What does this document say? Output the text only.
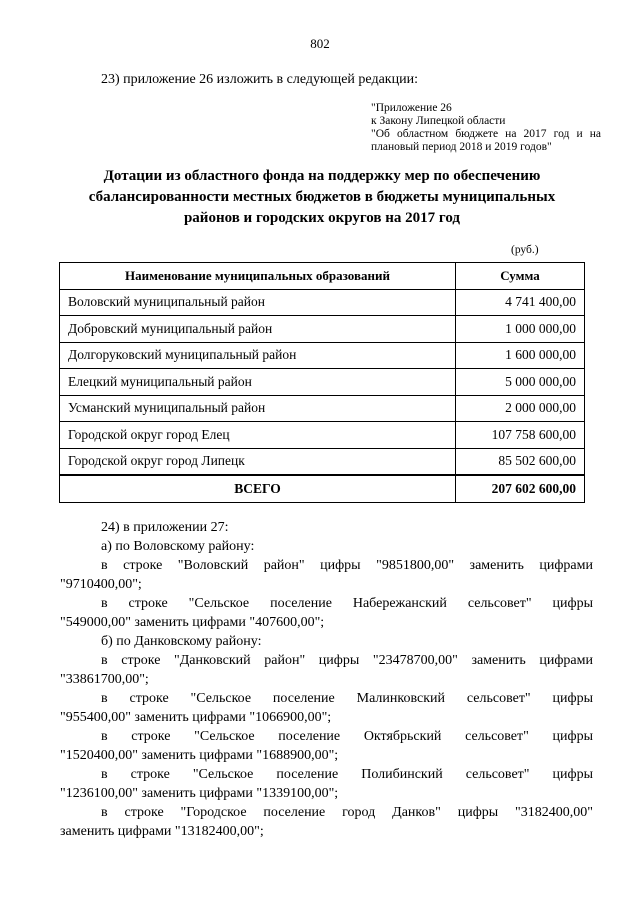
802
23) приложение 26 изложить в следующей редакции:
"Приложение 26
к Закону Липецкой области
"Об областном бюджете на 2017 год и на
плановый период 2018 и 2019 годов"
Дотации из областного фонда на поддержку мер по обеспечению
сбалансированности местных бюджетов в бюджеты муниципальных
районов и городских округов на 2017 год
(руб.)
Наименование муниципальных образований	Сумма
Воловский муниципальный район	4 741 400,00
Добровский муниципальный район	1 000 000,00
Долгоруковский муниципальный район	1 600 000,00
Елецкий муниципальный район	5 000 000,00
Усманский муниципальный район	2 000 000,00
Городской округ город Елец	107 758 600,00
Городской округ город Липецк	85 502 600,00
ВСЕГО	207 602 600,00

24) в приложении 27:

а) по Воловскому району:

в строке "Воловский район" цифры "9851800,00" заменить цифрами
"9710400,00";

в строке "Сельское поселение Набережанский сельсовет" цифры
"549000,00" заменить цифрами "407600,00";

б) по Данковскому району:

в строке "Данковский район" цифры "23478700,00" заменить цифрами
"33861700,00";

в строке "Сельское поселение Малинковский сельсовет" цифры
"955400,00" заменить цифрами "1066900,00";

в строке "Сельское поселение Октябрьский сельсовет" цифры
"1520400,00" заменить цифрами "1688900,00";

в строке "Сельское поселение Полибинский сельсовет" цифры
"1236100,00" заменить цифрами "1339100,00";

в строке "Городское поселение город Данков" цифры "3182400,00"
заменить цифрами "13182400,00";
